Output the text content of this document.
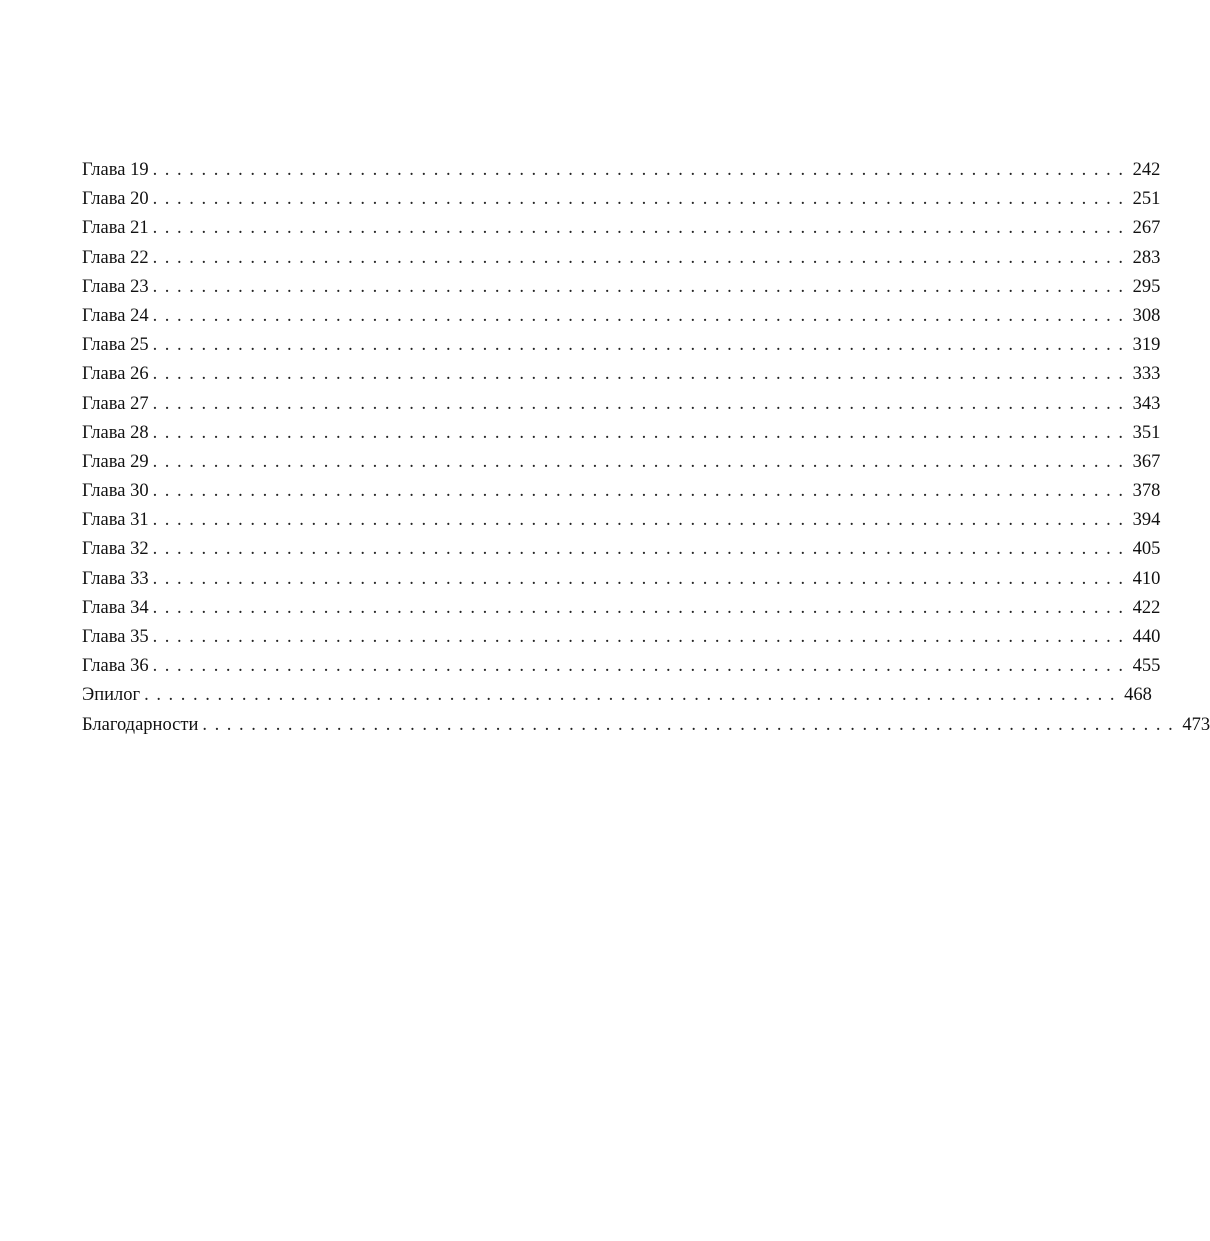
Глава 19 ................................................................................ 242
Глава 20 ................................................................................ 251
Глава 21 ................................................................................ 267
Глава 22 ................................................................................ 283
Глава 23 ................................................................................ 295
Глава 24 ................................................................................ 308
Глава 25 ................................................................................ 319
Глава 26 ................................................................................ 333
Глава 27 ................................................................................ 343
Глава 28 ................................................................................ 351
Глава 29 ................................................................................ 367
Глава 30 ................................................................................ 378
Глава 31 ................................................................................ 394
Глава 32 ................................................................................ 405
Глава 33 ................................................................................ 410
Глава 34 ................................................................................ 422
Глава 35 ................................................................................ 440
Глава 36 ................................................................................ 455
Эпилог ................................................................................ 468
Благодарности ................................................................................ 473
